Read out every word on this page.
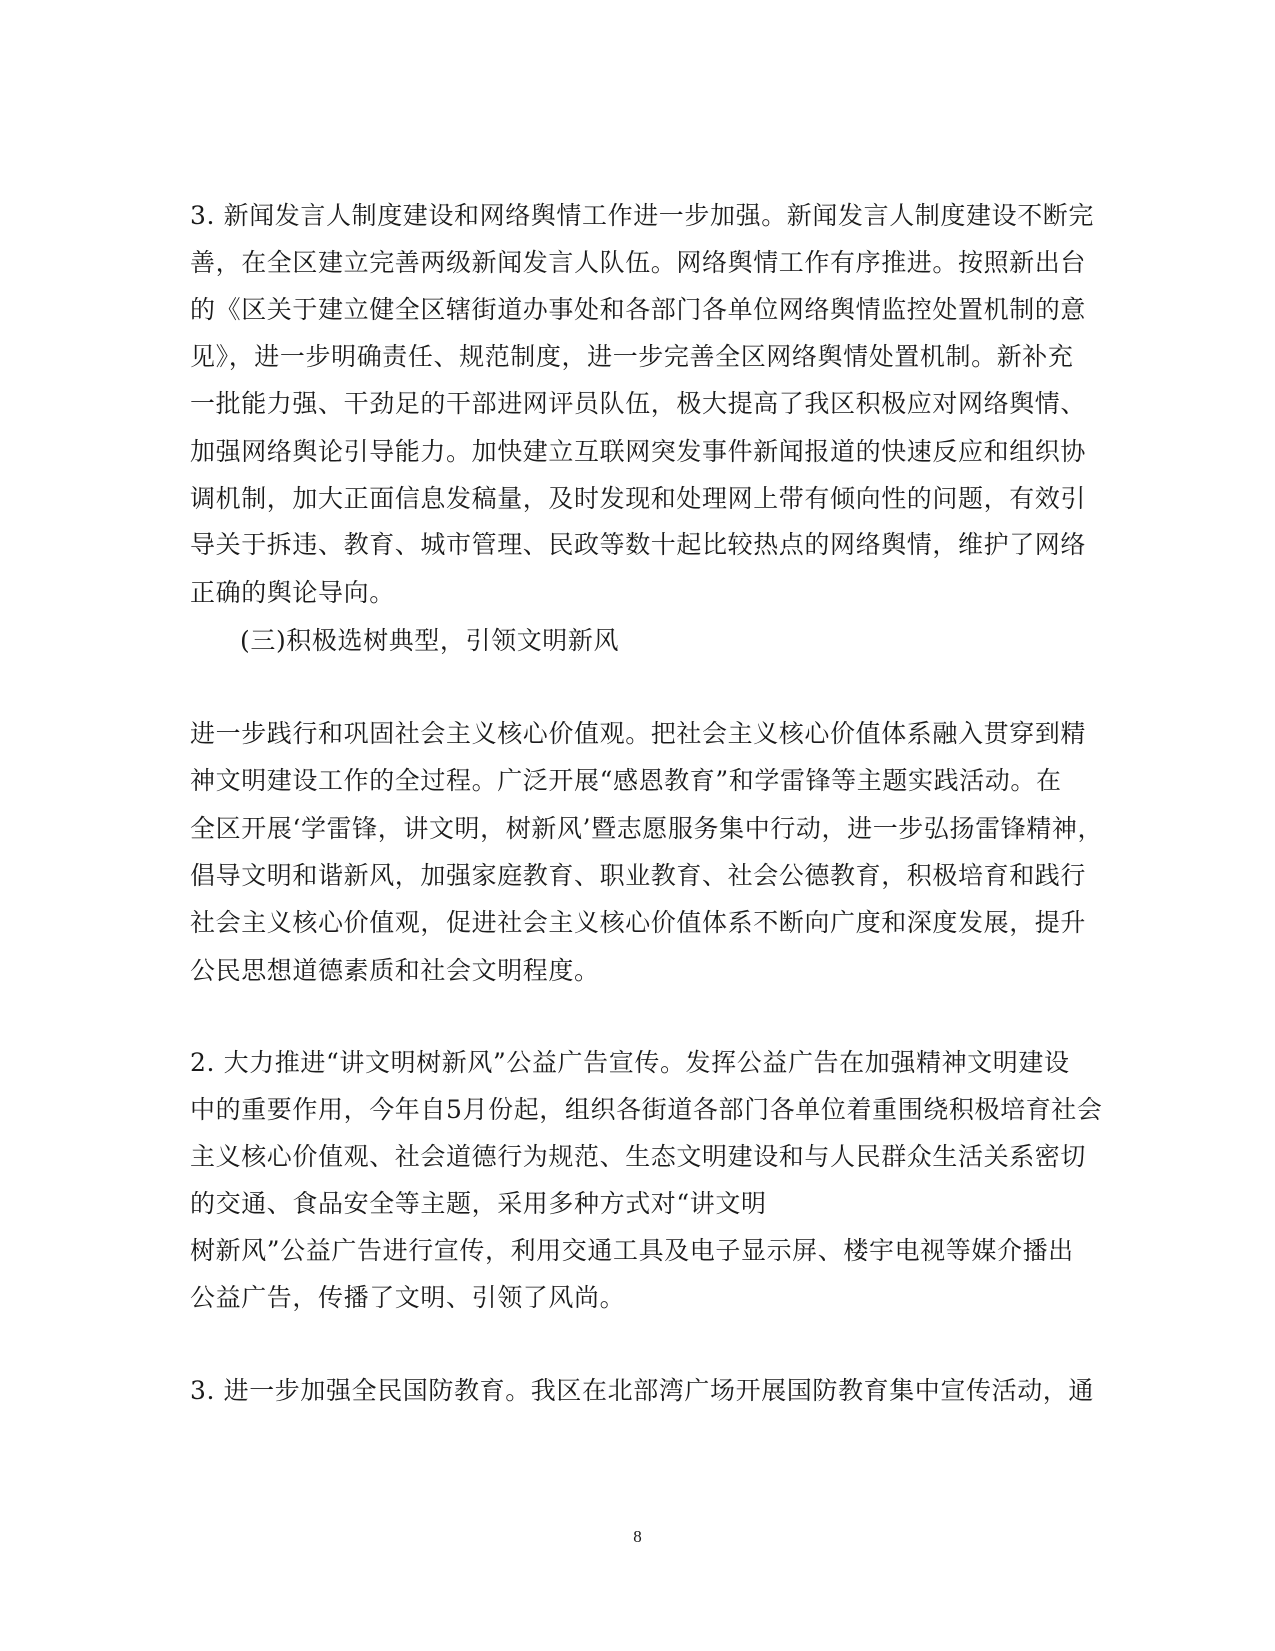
3. 新闻发言人制度建设和网络舆情工作进一步加强。新闻发言人制度建设不断完
善，在全区建立完善两级新闻发言人队伍。网络舆情工作有序推进。按照新出台
的《区关于建立健全区辖街道办事处和各部门各单位网络舆情监控处置机制的意
见》，进一步明确责任、规范制度，进一步完善全区网络舆情处置机制。新补充
一批能力强、干劲足的干部进网评员队伍，极大提高了我区积极应对网络舆情、
加强网络舆论引导能力。加快建立互联网突发事件新闻报道的快速反应和组织协
调机制，加大正面信息发稿量，及时发现和处理网上带有倾向性的问题，有效引
导关于拆违、教育、城市管理、民政等数十起比较热点的网络舆情，维护了网络
正确的舆论导向。
(三)积极选树典型，引领文明新风
进一步践行和巩固社会主义核心价值观。把社会主义核心价值体系融入贯穿到精
神文明建设工作的全过程。广泛开展“感恩教育”和学雷锋等主题实践活动。在
全区开展‘学雷锋，讲文明，树新风’暨志愿服务集中行动，进一步弘扬雷锋精神，
倡导文明和谐新风，加强家庭教育、职业教育、社会公德教育，积极培育和践行
社会主义核心价值观，促进社会主义核心价值体系不断向广度和深度发展，提升
公民思想道德素质和社会文明程度。
2. 大力推进“讲文明树新风”公益广告宣传。发挥公益广告在加强精神文明建设
中的重要作用，今年自5月份起，组织各街道各部门各单位着重围绕积极培育社会
主义核心价值观、社会道德行为规范、生态文明建设和与人民群众生活关系密切
的交通、食品安全等主题，采用多种方式对“讲文明
树新风”公益广告进行宣传，利用交通工具及电子显示屏、楼宇电视等媒介播出
公益广告，传播了文明、引领了风尚。
3. 进一步加强全民国防教育。我区在北部湾广场开展国防教育集中宣传活动，通
8
